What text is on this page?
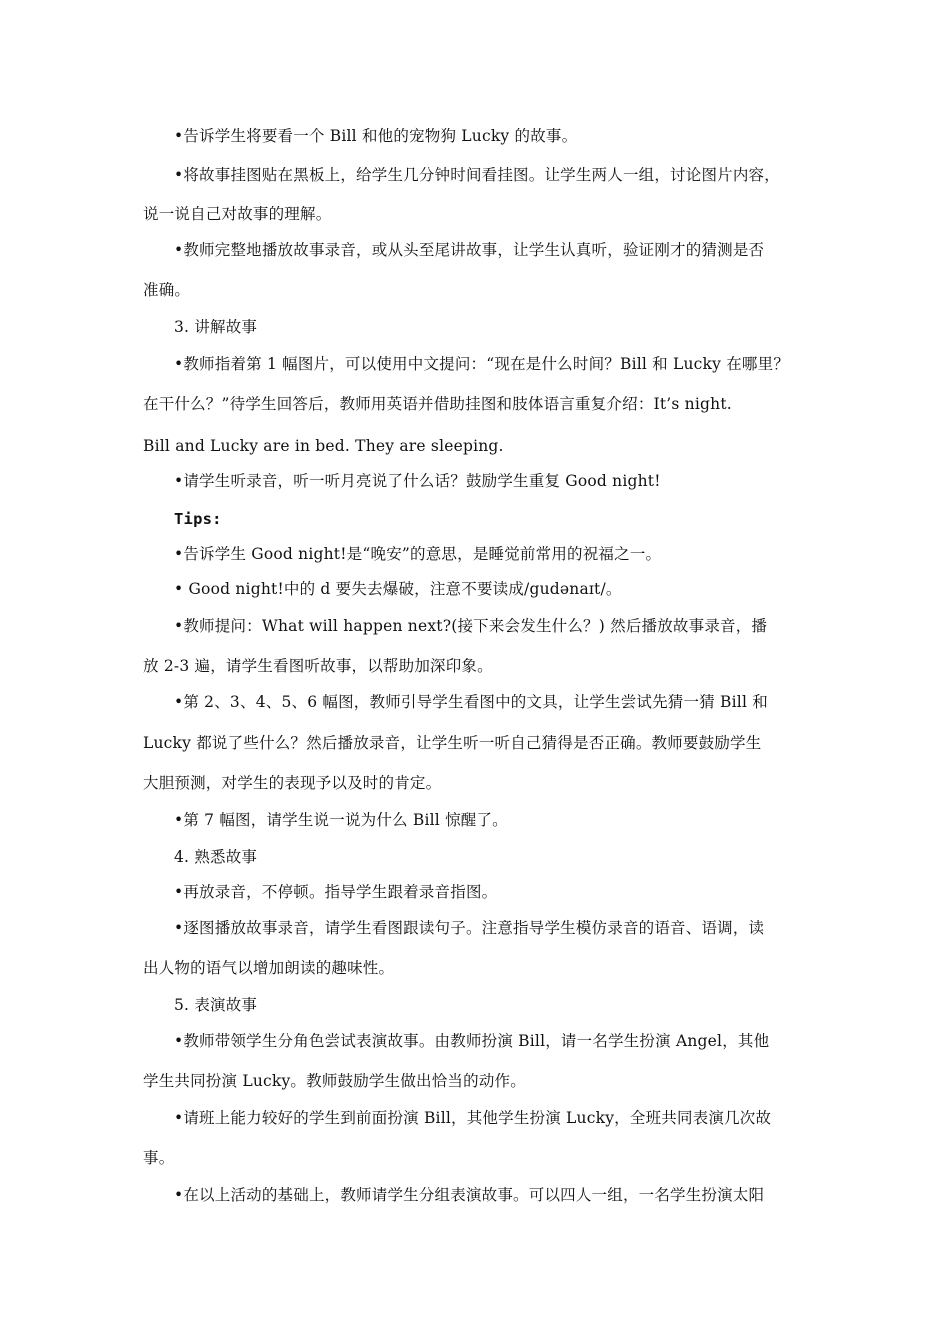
•告诉学生将要看一个 Bill 和他的宠物狗 Lucky 的故事。
•将故事挂图贴在黑板上，给学生几分钟时间看挂图。让学生两人一组，讨论图片内容，
说一说自己对故事的理解。
•教师完整地播放故事录音，或从头至尾讲故事，让学生认真听，验证刚才的猜测是否
准确。
3. 讲解故事
•教师指着第 1 幅图片，可以使用中文提问：“现在是什么时间？Bill 和 Lucky 在哪里？
在干什么？”待学生回答后，教师用英语并借助挂图和肢体语言重复介绍：It’s night.
Bill and Lucky are in bed. They are sleeping.
•请学生听录音，听一听月亮说了什么话？鼓励学生重复 Good night!
Tips:
•告诉学生 Good night!是“晚安”的意思，是睡觉前常用的祝福之一。
• Good night!中的 d 要失去爆破，注意不要读成/gudənaɪt/。
•教师提问：What will happen next?(接下来会发生什么？) 然后播放故事录音，播
放 2-3 遍，请学生看图听故事，以帮助加深印象。
•第 2、3、4、5、6 幅图，教师引导学生看图中的文具，让学生尝试先猜一猜 Bill 和
Lucky 都说了些什么？然后播放录音，让学生听一听自己猜得是否正确。教师要鼓励学生
大胆预测，对学生的表现予以及时的肯定。
•第 7 幅图，请学生说一说为什么 Bill 惊醒了。
4. 熟悉故事
•再放录音，不停顿。指导学生跟着录音指图。
•逐图播放故事录音，请学生看图跟读句子。注意指导学生模仿录音的语音、语调，读
出人物的语气以增加朗读的趣味性。
5. 表演故事
•教师带领学生分角色尝试表演故事。由教师扮演 Bill，请一名学生扮演 Angel，其他
学生共同扮演 Lucky。教师鼓励学生做出恰当的动作。
•请班上能力较好的学生到前面扮演 Bill，其他学生扮演 Lucky，全班共同表演几次故
事。
•在以上活动的基础上，教师请学生分组表演故事。可以四人一组，一名学生扮演太阳
